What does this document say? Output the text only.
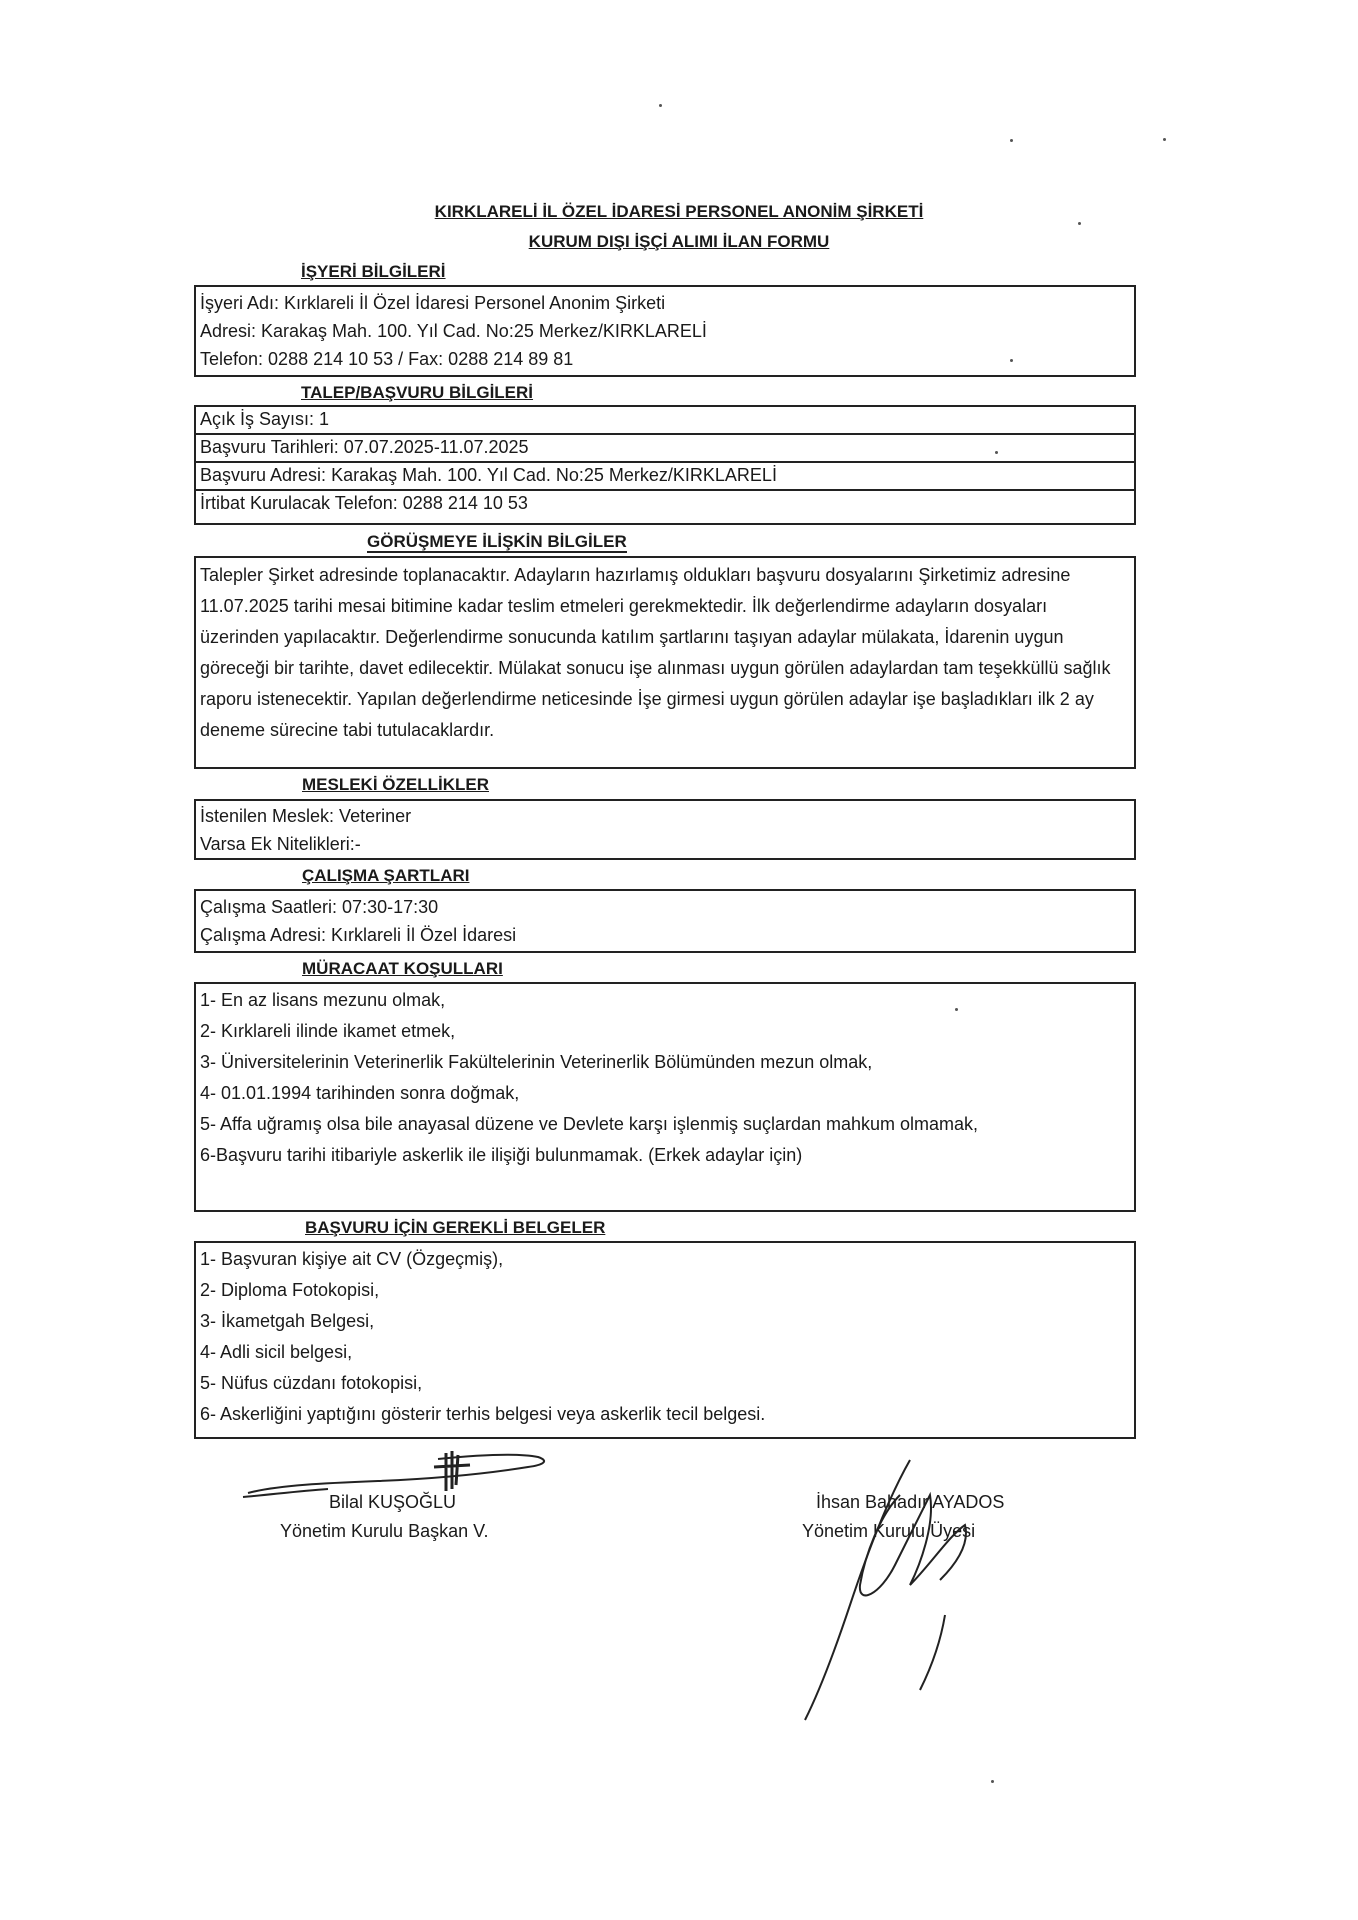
KIRKLARELİ İL ÖZEL İDARESİ PERSONEL ANONİM ŞİRKETİ
KURUM DIŞI İŞÇİ ALIMI İLAN FORMU
İŞYERİ BİLGİLERİ
İşyeri Adı: Kırklareli İl Özel İdaresi Personel Anonim Şirketi
Adresi: Karakaş Mah. 100. Yıl Cad. No:25 Merkez/KIRKLARELİ
Telefon: 0288 214 10 53 / Fax: 0288 214 89 81
TALEP/BAŞVURU BİLGİLERİ
Açık İş Sayısı: 1
Başvuru Tarihleri: 07.07.2025-11.07.2025
Başvuru Adresi: Karakaş Mah. 100. Yıl Cad. No:25 Merkez/KIRKLARELİ
İrtibat Kurulacak Telefon: 0288 214 10 53
GÖRÜŞMEYE İLİŞKİN BİLGİLER
Talepler Şirket adresinde toplanacaktır. Adayların hazırlamış oldukları başvuru dosyalarını Şirketimiz adresine 11.07.2025 tarihi mesai bitimine kadar teslim etmeleri gerekmektedir. İlk değerlendirme adayların dosyaları üzerinden yapılacaktır. Değerlendirme sonucunda katılım şartlarını taşıyan adaylar mülakata, İdarenin uygun göreceği bir tarihte, davet edilecektir. Mülakat sonucu işe alınması uygun görülen adaylardan tam teşekküllü sağlık raporu istenecektir. Yapılan değerlendirme neticesinde İşe girmesi uygun görülen adaylar işe başladıkları ilk 2 ay deneme sürecine tabi tutulacaklardır.
MESLEKİ ÖZELLİKLER
İstenilen Meslek: Veteriner
Varsa Ek Nitelikleri:-
ÇALIŞMA ŞARTLARI
Çalışma Saatleri: 07:30-17:30
Çalışma Adresi: Kırklareli İl Özel İdaresi
MÜRACAAT KOŞULLARI
1- En az lisans mezunu olmak,
2- Kırklareli ilinde ikamet etmek,
3- Üniversitelerinin Veterinerlik Fakültelerinin Veterinerlik Bölümünden mezun olmak,
4- 01.01.1994 tarihinden sonra doğmak,
5- Affa uğramış olsa bile anayasal düzene ve Devlete karşı işlenmiş suçlardan mahkum olmamak,
6-Başvuru tarihi itibariyle askerlik ile ilişiği bulunmamak. (Erkek adaylar için)
BAŞVURU İÇİN GEREKLİ BELGELER
1- Başvuran kişiye ait CV (Özgeçmiş),
2- Diploma Fotokopisi,
3- İkametgah Belgesi,
4- Adli sicil belgesi,
5- Nüfus cüzdanı fotokopisi,
6- Askerliğini yaptığını gösterir terhis belgesi veya askerlik tecil belgesi.
Bilal KUŞOĞLU
Yönetim Kurulu Başkan V.
İhsan Bahadır AYADOS
Yönetim Kurulu Üyesi
